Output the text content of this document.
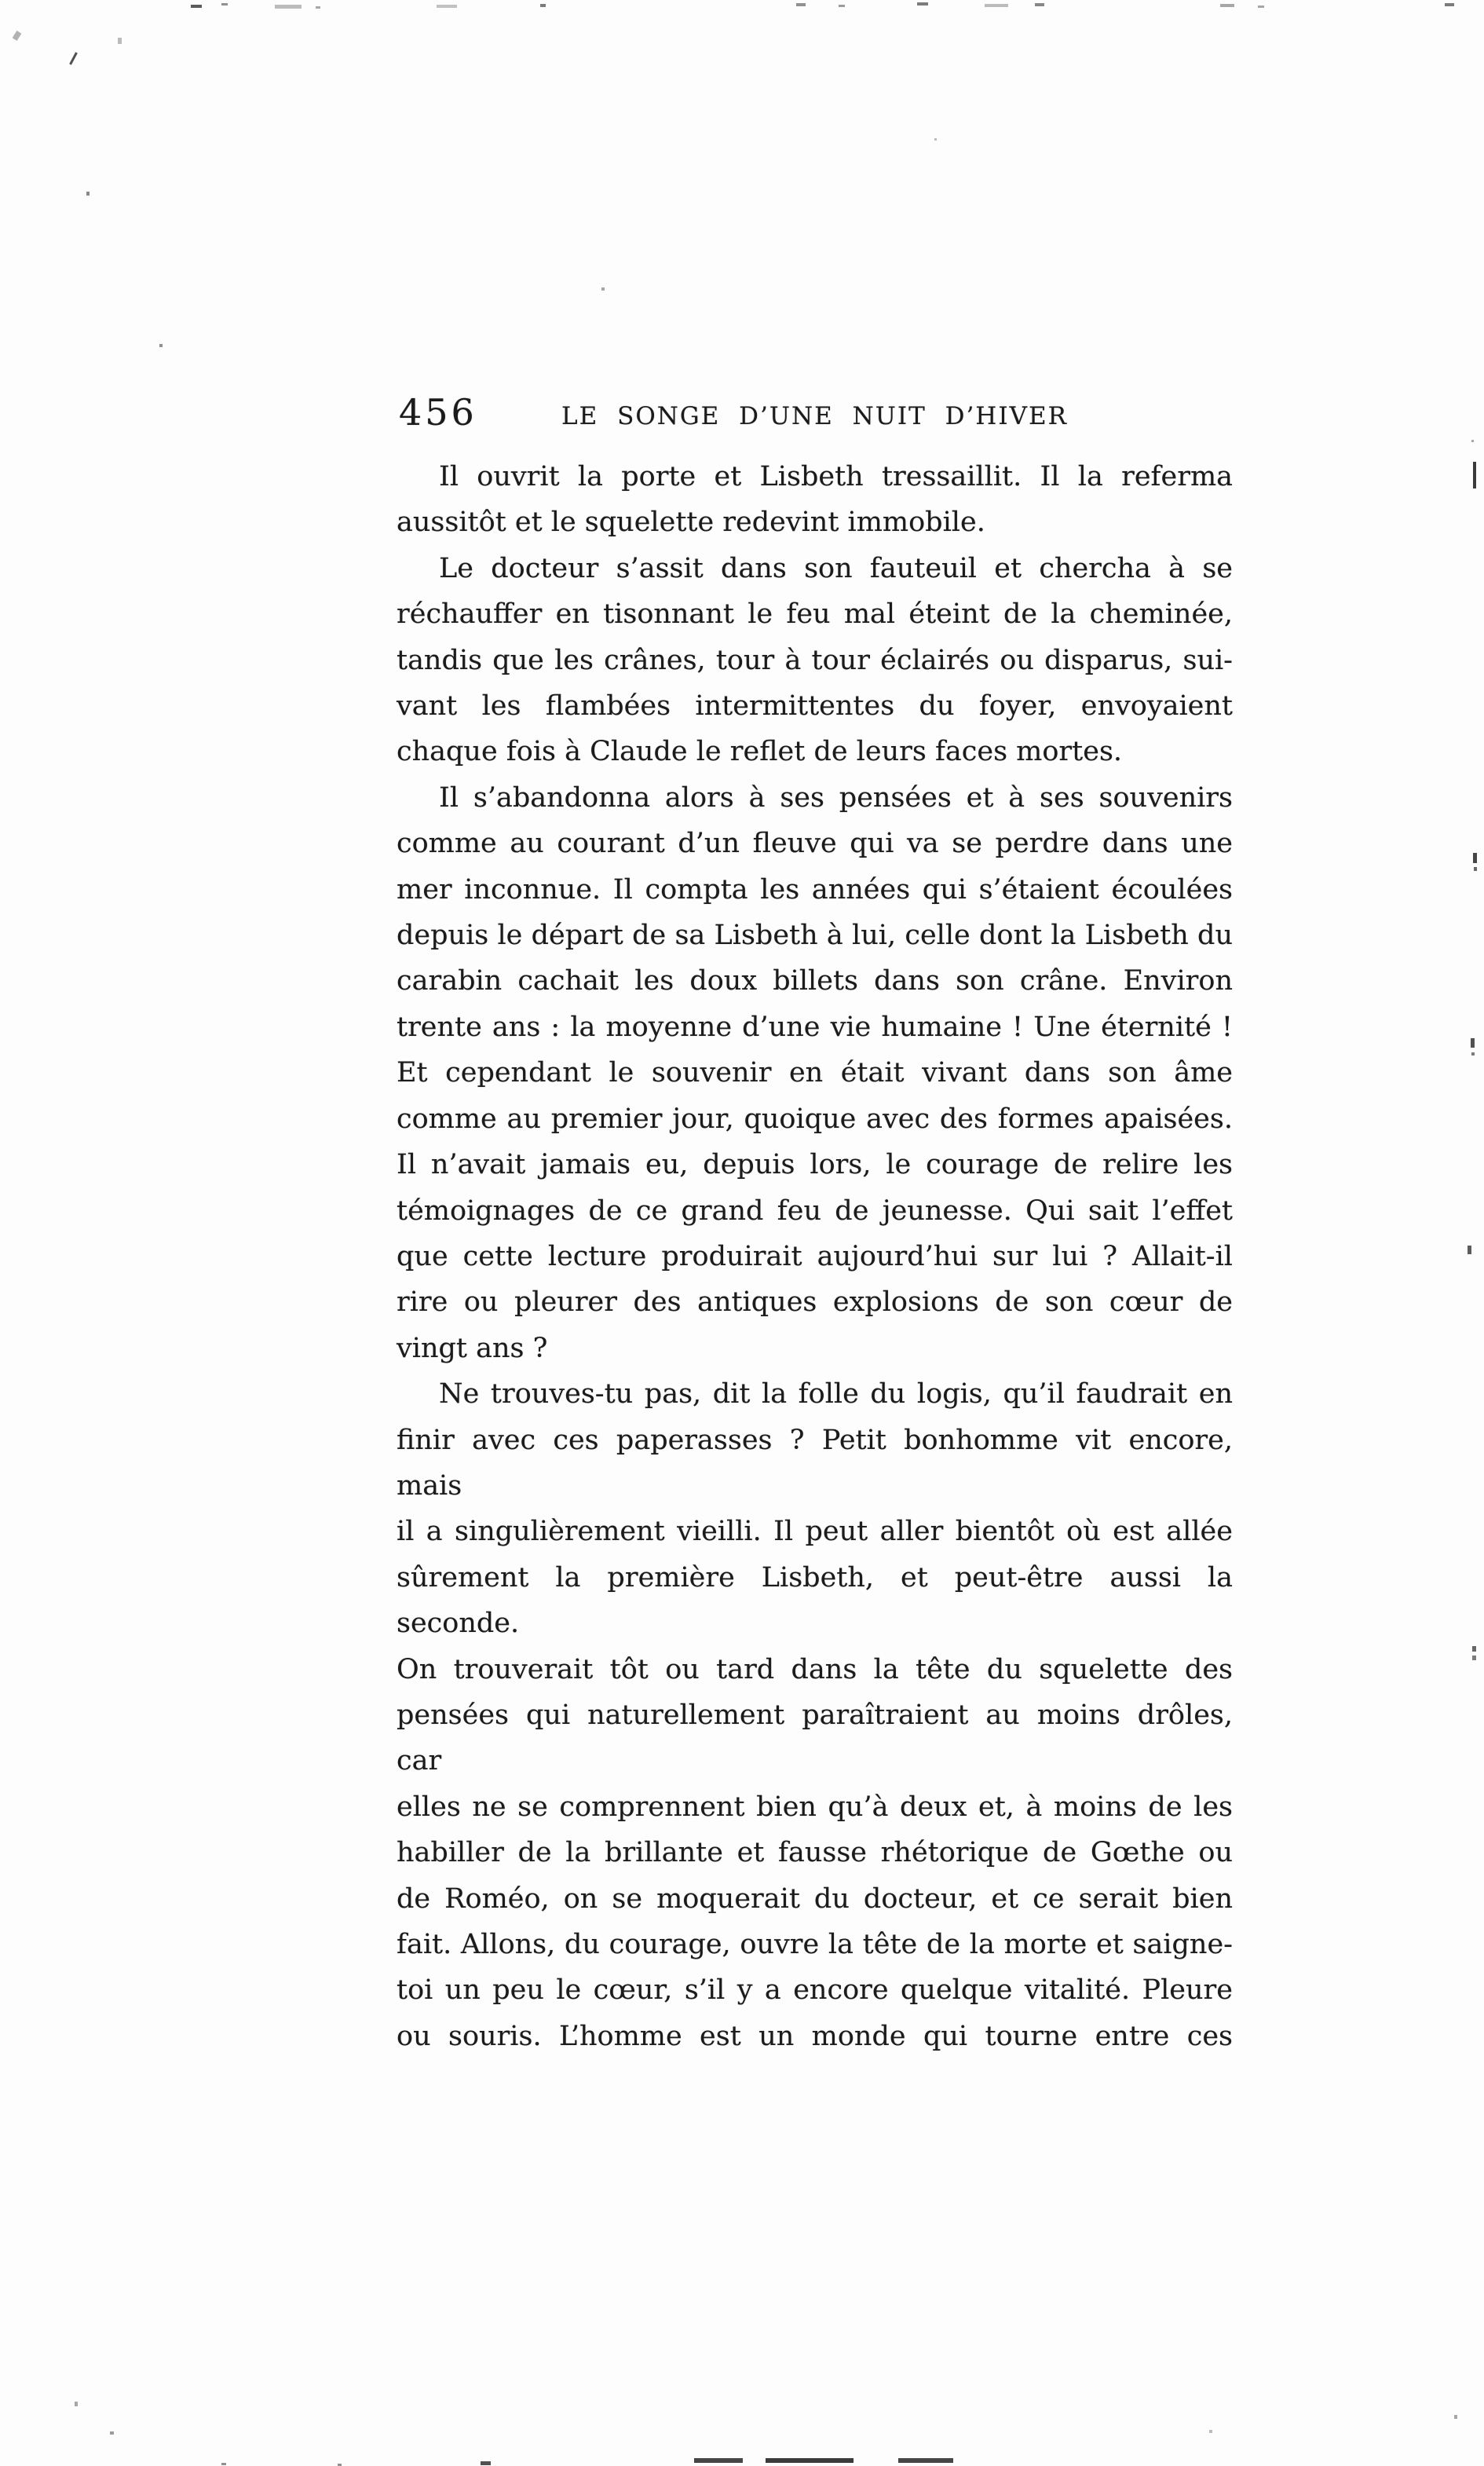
456	LE SONGE D’UNE NUIT D’HIVER
Il ouvrit la porte et Lisbeth tressaillit. Il la referma
aussitôt et le squelette redevint immobile.
Le docteur s’assit dans son fauteuil et chercha à se
réchauffer en tisonnant le feu mal éteint de la cheminée,
tandis que les crânes, tour à tour éclairés ou disparus, sui-
vant les flambées intermittentes du foyer, envoyaient
chaque fois à Claude le reflet de leurs faces mortes.
Il s’abandonna alors à ses pensées et à ses souvenirs
comme au courant d’un fleuve qui va se perdre dans une
mer inconnue. Il compta les années qui s’étaient écoulées
depuis le départ de sa Lisbeth à lui, celle dont la Lisbeth du
carabin cachait les doux billets dans son crâne. Environ
trente ans : la moyenne d’une vie humaine ! Une éternité !
Et cependant le souvenir en était vivant dans son âme
comme au premier jour, quoique avec des formes apaisées.
Il n’avait jamais eu, depuis lors, le courage de relire les
témoignages de ce grand feu de jeunesse. Qui sait l’effet
que cette lecture produirait aujourd’hui sur lui ? Allait-il
rire ou pleurer des antiques explosions de son cœur de
vingt ans ?
Ne trouves-tu pas, dit la folle du logis, qu’il faudrait en
finir avec ces paperasses ? Petit bonhomme vit encore, mais
il a singulièrement vieilli. Il peut aller bientôt où est allée
sûrement la première Lisbeth, et peut-être aussi la seconde.
On trouverait tôt ou tard dans la tête du squelette des
pensées qui naturellement paraîtraient au moins drôles, car
elles ne se comprennent bien qu’à deux et, à moins de les
habiller de la brillante et fausse rhétorique de Gœthe ou
de Roméo, on se moquerait du docteur, et ce serait bien
fait. Allons, du courage, ouvre la tête de la morte et saigne-
toi un peu le cœur, s’il y a encore quelque vitalité. Pleure
ou souris. L’homme est un monde qui tourne entre ces
